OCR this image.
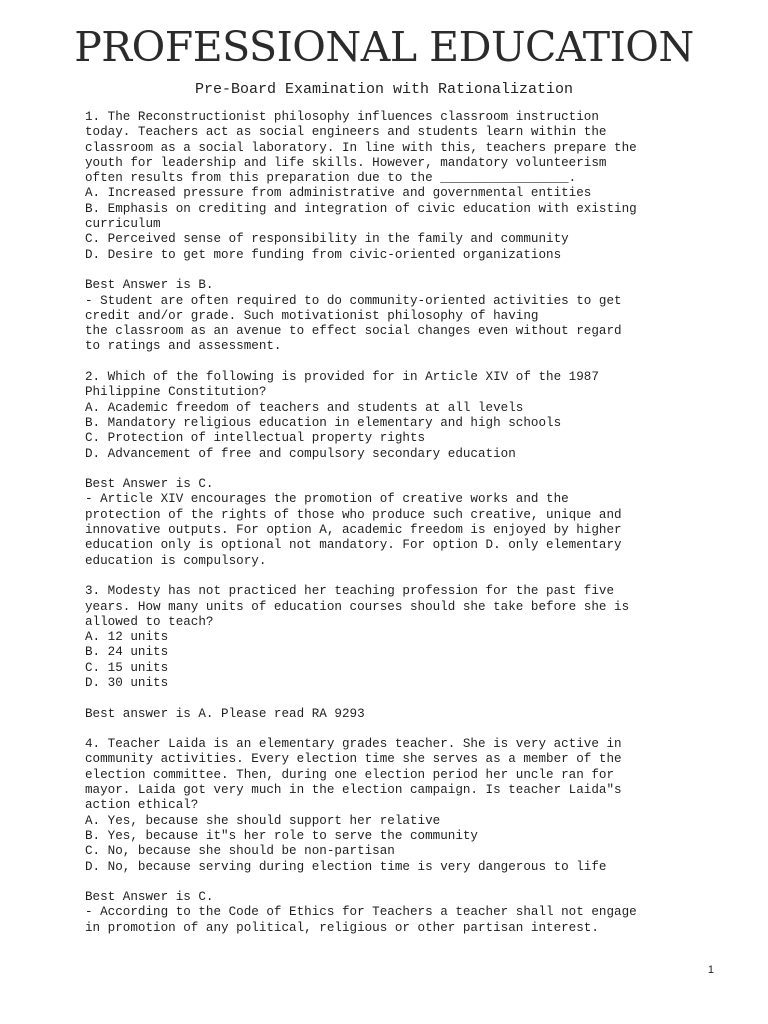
PROFESSIONAL EDUCATION

Pre-Board Examination with Rationalization

1. The Reconstructionist philosophy influences classroom instruction
today. Teachers act as social engineers and students learn within the
classroom as a social laboratory. In line with this, teachers prepare the
youth for leadership and life skills. However, mandatory volunteerism
often results from this preparation due to the _________________.
A. Increased pressure from administrative and governmental entities
B. Emphasis on crediting and integration of civic education with existing
curriculum
C. Perceived sense of responsibility in the family and community
D. Desire to get more funding from civic-oriented organizations
Best Answer is B.
- Student are often required to do community-oriented activities to get
credit and/or grade. Such motivationist philosophy of having
the classroom as an avenue to effect social changes even without regard
to ratings and assessment.
2. Which of the following is provided for in Article XIV of the 1987
Philippine Constitution?
A. Academic freedom of teachers and students at all levels
B. Mandatory religious education in elementary and high schools
C. Protection of intellectual property rights
D. Advancement of free and compulsory secondary education
Best Answer is C.
- Article XIV encourages the promotion of creative works and the
protection of the rights of those who produce such creative, unique and
innovative outputs. For option A, academic freedom is enjoyed by higher
education only is optional not mandatory. For option D. only elementary
education is compulsory.
3. Modesty has not practiced her teaching profession for the past five
years. How many units of education courses should she take before she is
allowed to teach?
A. 12 units
B. 24 units
C. 15 units
D. 30 units
Best answer is A. Please read RA 9293
4. Teacher Laida is an elementary grades teacher. She is very active in
community activities. Every election time she serves as a member of the
election committee. Then, during one election period her uncle ran for
mayor. Laida got very much in the election campaign. Is teacher Laida"s
action ethical?
A. Yes, because she should support her relative
B. Yes, because it"s her role to serve the community
C. No, because she should be non-partisan
D. No, because serving during election time is very dangerous to life
Best Answer is C.
- According to the Code of Ethics for Teachers a teacher shall not engage
in promotion of any political, religious or other partisan interest.
1
